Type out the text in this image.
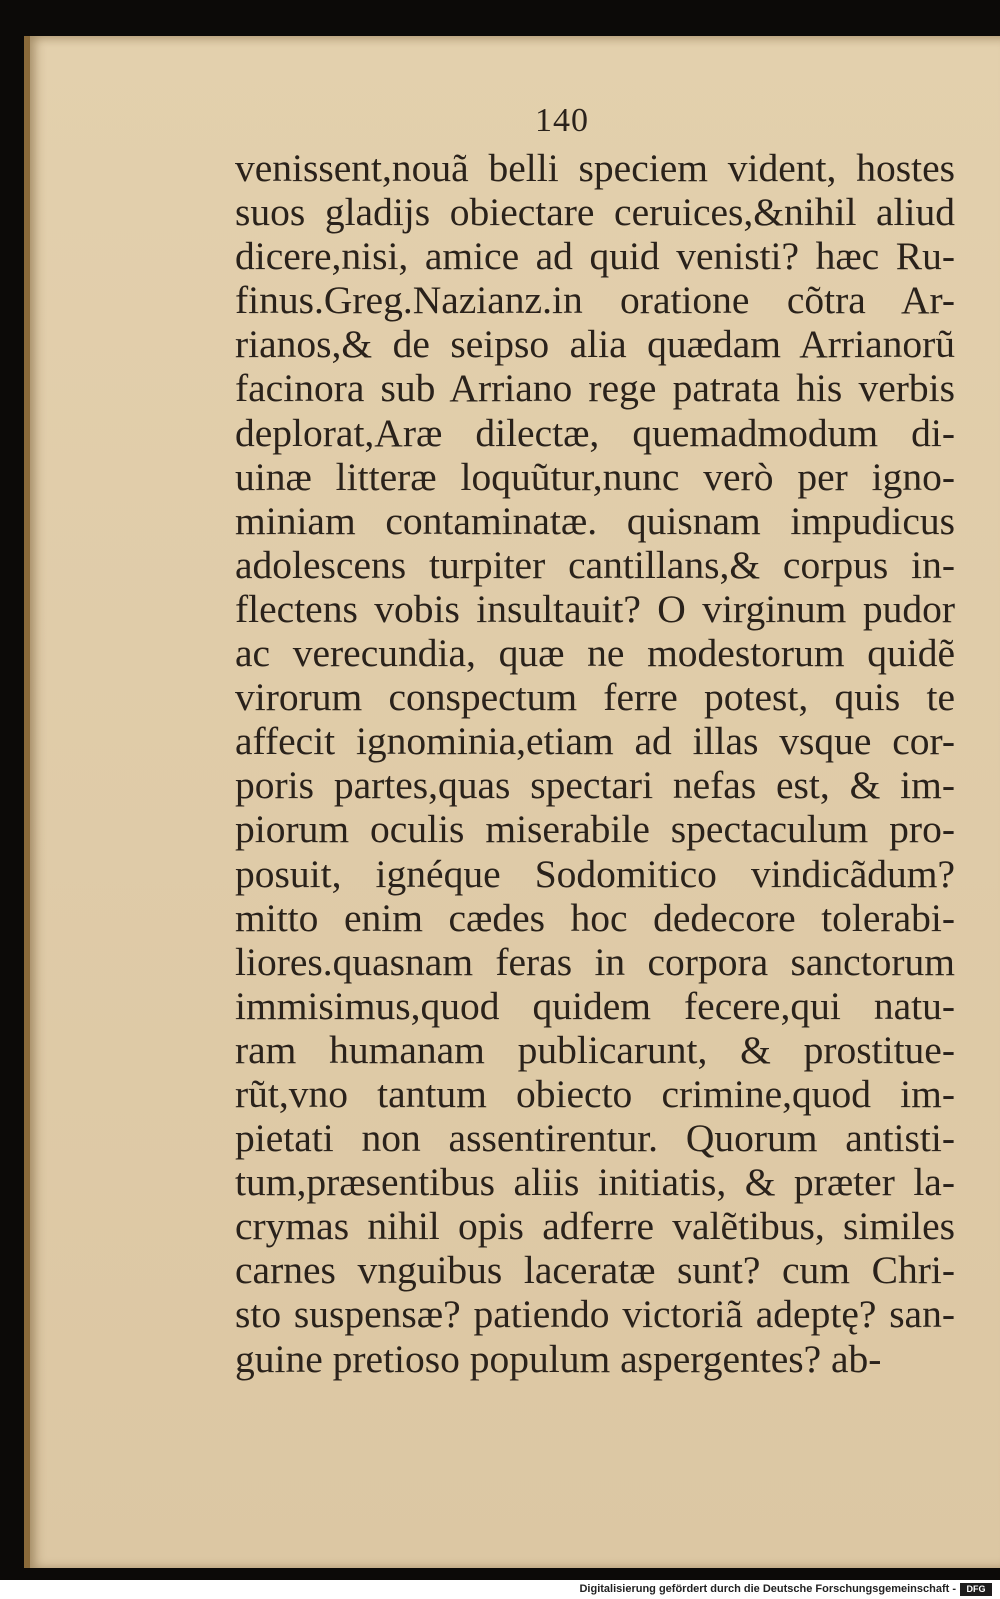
140
venissent,nouã belli speciem vident, hostes
suos gladijs obiectare ceruices,&nihil aliud
dicere,nisi, amice ad quid venisti? hæc Ru-
finus.Greg.Nazianz.in oratione cõtra Ar-
rianos,& de seipso alia quædam Arrianorũ
facinora sub Arriano rege patrata his verbis
deplorat,Aræ dilectæ, quemadmodum di-
uinæ litteræ loquũtur,nunc verò per igno-
miniam contaminatæ. quisnam impudicus
adolescens turpiter cantillans,& corpus in-
flectens vobis insultauit? O virginum pudor
ac verecundia, quæ ne modestorum quidẽ
virorum conspectum ferre potest, quis te
affecit ignominia,etiam ad illas vsque cor-
poris partes,quas spectari nefas est, & im-
piorum oculis miserabile spectaculum pro-
posuit, ignéque Sodomitico vindicãdum?
mitto enim cædes hoc dedecore tolerabi-
liores.quasnam feras in corpora sanctorum
immisimus,quod quidem fecere,qui natu-
ram humanam publicarunt, & prostitue-
rũt,vno tantum obiecto crimine,quod im-
pietati non assentirentur. Quorum antisti-
tum,præsentibus aliis initiatis, & præter la-
crymas nihil opis adferre valẽtibus, similes
carnes vnguibus laceratæ sunt? cum Chri-
sto suspensæ? patiendo victoriã adeptę? san-
guine pretioso populum aspergentes? ab-
Digitalisierung gefördert durch die Deutsche Forschungsgemeinschaft -	DFG
